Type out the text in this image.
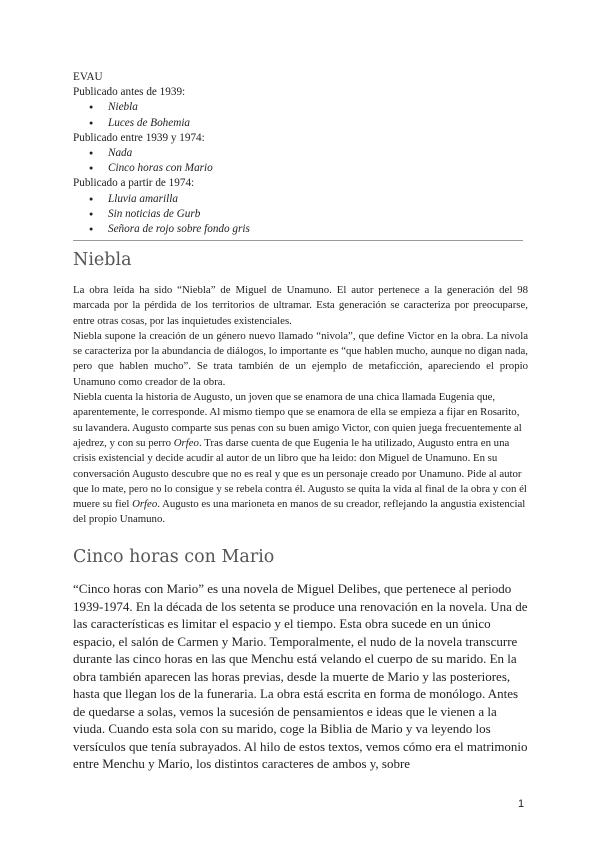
EVAU
Publicado antes de 1939:
● Niebla
● Luces de Bohemia
Publicado entre 1939 y 1974:
● Nada
● Cinco horas con Mario
Publicado a partir de 1974:
● Lluvia amarilla
● Sin noticias de Gurb
● Señora de rojo sobre fondo gris
Niebla

La obra leída ha sido “Niebla” de Miguel de Unamuno. El autor pertenece a la generación del 98 marcada por la pérdida de los territorios de ultramar. Esta generación se caracteriza por preocuparse, entre otras cosas, por las inquietudes existenciales.

Niebla supone la creación de un género nuevo llamado “nivola”, que define Victor en la obra. La nivola se caracteriza por la abundancia de diálogos, lo importante es “que hablen mucho, aunque no digan nada, pero que hablen mucho”. Se trata también de un ejemplo de metaficción, apareciendo el propio Unamuno como creador de la obra.

Niebla cuenta la historia de Augusto, un joven que se enamora de una chica llamada Eugenia que, aparentemente, le corresponde. Al mismo tiempo que se enamora de ella se empieza a fijar en Rosarito, su lavandera. Augusto comparte sus penas con su buen amigo Victor, con quien juega frecuentemente al ajedrez, y con su perro Orfeo. Tras darse cuenta de que Eugenia le ha utilizado, Augusto entra en una crisis existencial y decide acudir al autor de un libro que ha leido: don Miguel de Unamuno. En su conversación Augusto descubre que no es real y que es un personaje creado por Unamuno. Pide al autor que lo mate, pero no lo consigue y se rebela contra él. Augusto se quita la vida al final de la obra y con él muere su fiel Orfeo. Augusto es una marioneta en manos de su creador, reflejando la angustia existencial del propio Unamuno.

Cinco horas con Mario

“Cinco horas con Mario” es una novela de Miguel Delibes, que pertenece al periodo 1939-1974. En la década de los setenta se produce una renovación en la novela. Una de las características es limitar el espacio y el tiempo. Esta obra sucede en un único espacio, el salón de Carmen y Mario. Temporalmente, el nudo de la novela transcurre durante las cinco horas en las que Menchu está velando el cuerpo de su marido. En la obra también aparecen las horas previas, desde la muerte de Mario y las posteriores, hasta que llegan los de la funeraria. La obra está escrita en forma de monólogo. Antes de quedarse a solas, vemos la sucesión de pensamientos e ideas que le vienen a la viuda. Cuando esta sola con su marido, coge la Biblia de Mario y va leyendo los versículos que tenía subrayados. Al hilo de estos textos, vemos cómo era el matrimonio entre Menchu y Mario, los distintos caracteres de ambos y, sobre

1
